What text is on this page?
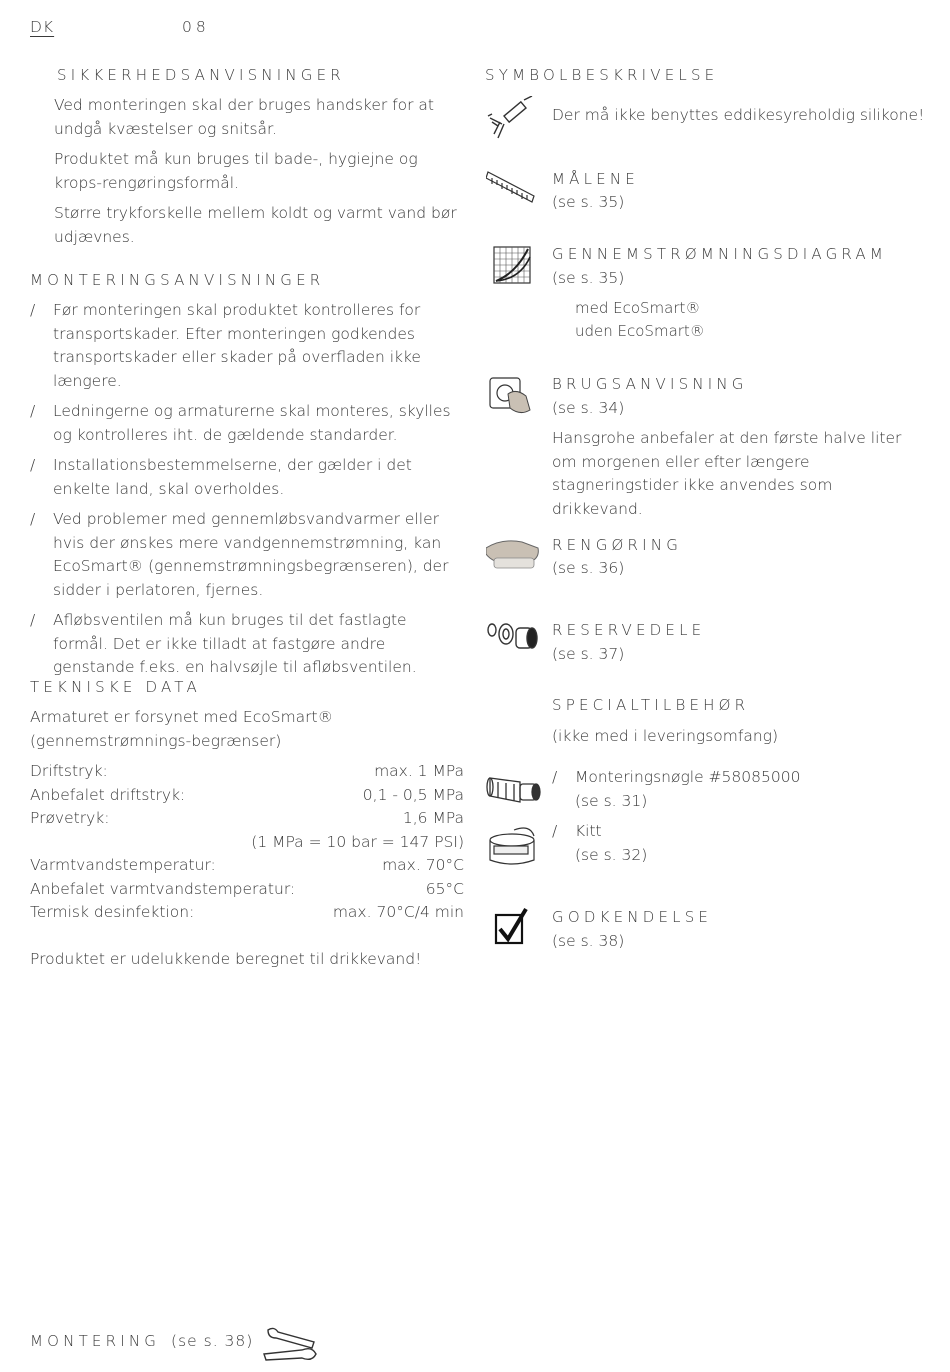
DK	08
SIKKERHEDSANVISNINGER

Ved monteringen skal der bruges handsker for at undgå kvæstelser og snitsår.

Produktet må kun bruges til bade-, hygiejne og krops-rengøringsformål.

Større trykforskelle mellem koldt og varmt vand bør udjævnes.

MONTERINGSANVISNINGER
/ Før monteringen skal produktet kontrolleres for transportskader. Efter monteringen godkendes transportskader eller skader på overfladen ikke længere.
/ Ledningerne og armaturerne skal monteres, skylles og kontrolleres iht. de gældende standarder.
/ Installationsbestemmelserne, der gælder i det enkelte land, skal overholdes.
/ Ved problemer med gennemløbsvandvarmer eller hvis der ønskes mere vandgennemstrømning, kan EcoSmart® (gennemstrømningsbegrænseren), der sidder i perlatoren, fjernes.
/ Afløbsventilen må kun bruges til det fastlagte formål. Det er ikke tilladt at fastgøre andre genstande f.eks. en halvsøjle til afløbsventilen.
TEKNISKE DATA
Armaturet er forsynet med EcoSmart® (gennemstrømnings-begrænser)
Driftstryk:	max. 1 MPa
Anbefalet driftstryk:	0,1 - 0,5 MPa
Prøvetryk:	1,6 MPa
(1 MPa = 10 bar = 147 PSI)
Varmtvandstemperatur:	max. 70°C
Anbefalet varmtvandstemperatur:	65°C
Termisk desinfektion:	max. 70°C/4 min
Produktet er udelukkende beregnet til drikkevand!
SYMBOLBESKRIVELSE
Der må ikke benyttes eddikesyreholdig silikone!
MÅLENE
(se s. 35)
GENNEMSTRØMNINGSDIAGRAM
(se s. 35)
med EcoSmart®
uden EcoSmart®
BRUGSANVISNING
(se s. 34)
Hansgrohe anbefaler at den første halve liter om morgenen eller efter længere stagneringstider ikke anvendes som drikkevand.
RENGØRING
(se s. 36)
RESERVEDELE
(se s. 37)
SPECIALTILBEHØR
(ikke med i leveringsomfang)
/ Monteringsnøgle #58085000
(se s. 31)
/ Kitt
(se s. 32)
GODKENDELSE
(se s. 38)
MONTERING (se s. 38)
